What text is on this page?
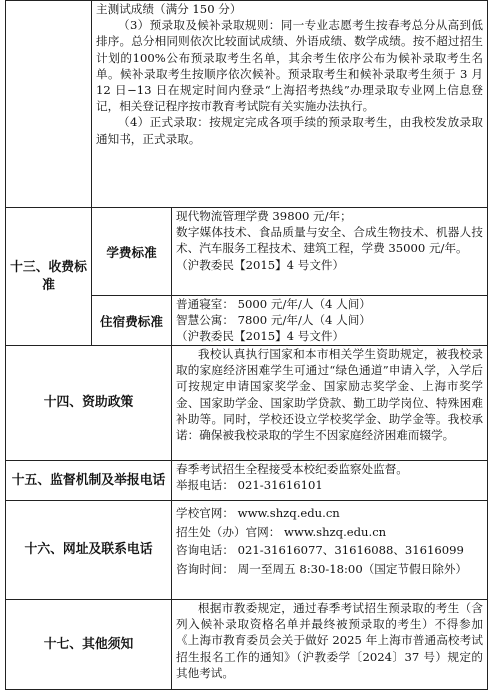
	主测试成绩（满分 150 分）

（3）预录取及候补录取规则：同一专业志愿考生按春考总分从高到低排序。总分相同则依次比较面试成绩、外语成绩、数学成绩。按不超过招生计划的100%公布预录取考生名单，其余考生依序公布为候补录取考生名单。候补录取考生按顺序依次候补。预录取考生和候补录取考生须于 3 月 12 日−13 日在规定时间内登录“上海招考热线”办理录取专业网上信息登记，相关登记程序按市教育考试院有关实施办法执行。

（4）正式录取：按规定完成各项手续的预录取考生，由我校发放录取通知书，正式录取。	

十三、收费标准	学费标准	现代物流管理学费 39800 元/年；

数字媒体技术、食品质量与安全、合成生物技术、机器人技术、汽车服务工程技术、建筑工程，学费 35000 元/年。

（沪教委民【2015】4 号文件）

	住宿费标准	普通寝室： 5000 元/年/人（4 人间）

智慧公寓： 7800 元/年/人（4 人间）

（沪教委民【2015】4 号文件）

十四、资助政策		我校认真执行国家和本市相关学生资助规定，被我校录取的家庭经济困难学生可通过“绿色通道”申请入学，入学后可按规定申请国家奖学金、国家励志奖学金、上海市奖学金、国家助学金、国家助学贷款、勤工助学岗位、特殊困难补助等。同时，学校还设立学校奖学金、助学金等。我校承诺：确保被我校录取的学生不因家庭经济困难而辍学。

十五、监督机制及举报电话		春季考试招生全程接受本校纪委监察处监督。

举报电话： 021-31616101

十六、网址及联系电话		学校官网： www.shzq.edu.cn

招生处（办）官网： www.shzq.edu.cn

咨询电话： 021-31616077、31616088、31616099

咨询时间： 周一至周五 8:30-18:00（国定节假日除外）

十七、其他须知		根据市教委规定，通过春季考试招生预录取的考生（含列入候补录取资格名单并最终被预录取的考生）不得参加《上海市教育委员会关于做好 2025 年上海市普通高校考试招生报名工作的通知》（沪教委学〔2024〕37 号）规定的其他考试。
